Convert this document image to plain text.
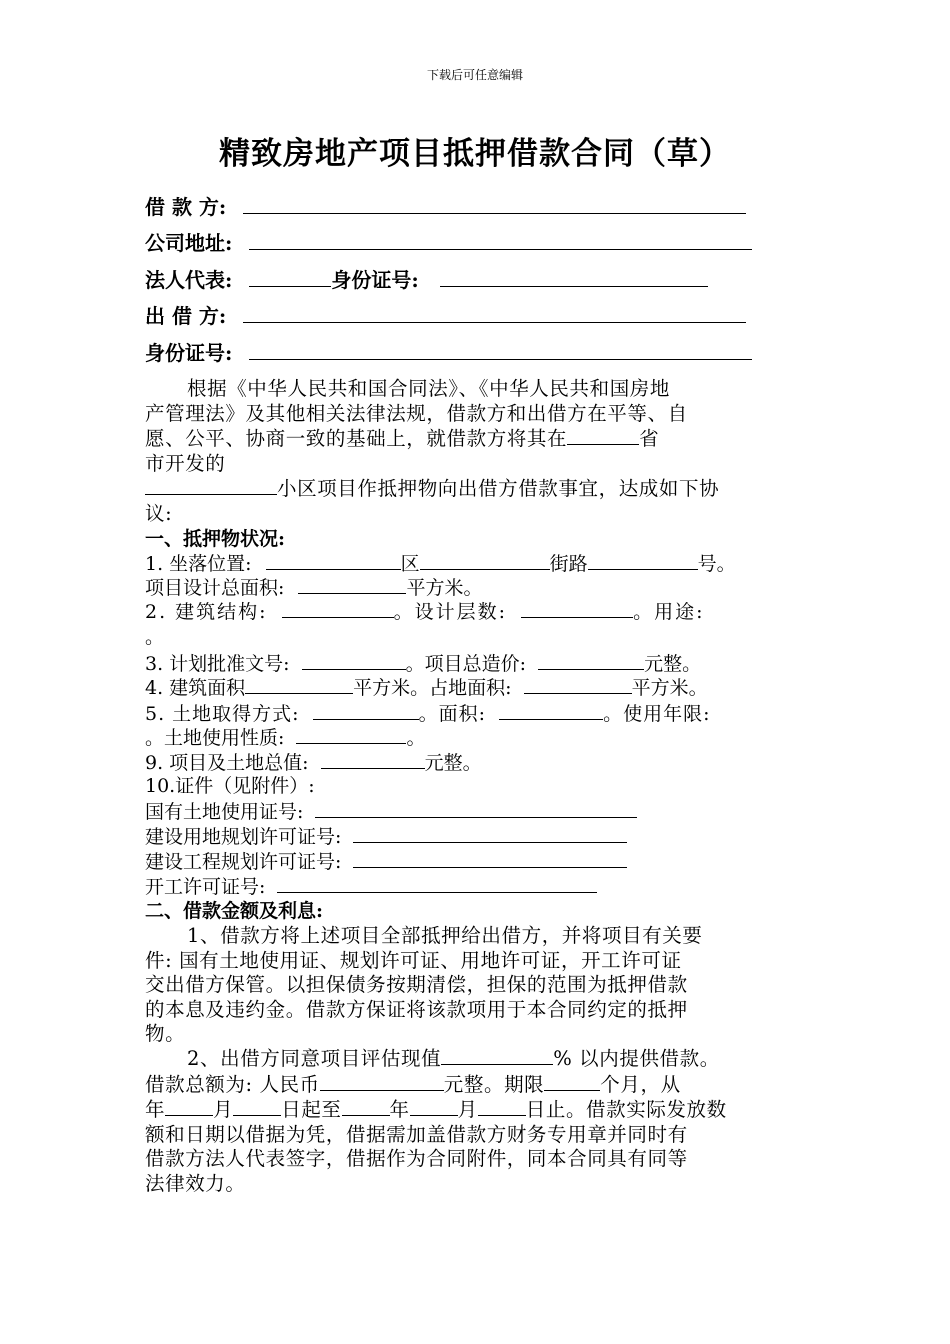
下载后可任意编辑
精致房地产项目抵押借款合同（草）
借 款 方:
公司地址:
法人代表:	身份证号:
出 借 方:
身份证号:
根据《中华人民共和国合同法》、《中华人民共和国房地
产管理法》及其他相关法律法规，借款方和出借方在平等、自
愿、公平、协商一致的基础上，就借款方将其在	省
市开发的
小区项目作抵押物向出借方借款事宜，达成如下协
议:
一、抵押物状况:
1. 坐落位置:	区	街路	号。
项目设计总面积:	平方米。
2. 建筑结构:	。设计层数:	。用途:
。
3. 计划批准文号:	。项目总造价:	元整。
4. 建筑面积	平方米。占地面积:	平方米。
5. 土地取得方式:	。面积:	。使用年限:
。土地使用性质:	。
9. 项目及土地总值:	元整。
10.证件（见附件）:
国有土地使用证号:
建设用地规划许可证号:
建设工程规划许可证号:
开工许可证号:
二、借款金额及利息:
1、借款方将上述项目全部抵押给出借方，并将项目有关要
件: 国有土地使用证、规划许可证、用地许可证，开工许可证
交出借方保管。以担保债务按期清偿，担保的范围为抵押借款
的本息及违约金。借款方保证将该款项用于本合同约定的抵押
物。
2、出借方同意项目评估现值	% 以内提供借款。
借款总额为: 人民币	元整。期限	个月，从
年 月 日起至 年 月 日止。借款实际发放数
额和日期以借据为凭，借据需加盖借款方财务专用章并同时有
借款方法人代表签字，借据作为合同附件，同本合同具有同等
法律效力。
